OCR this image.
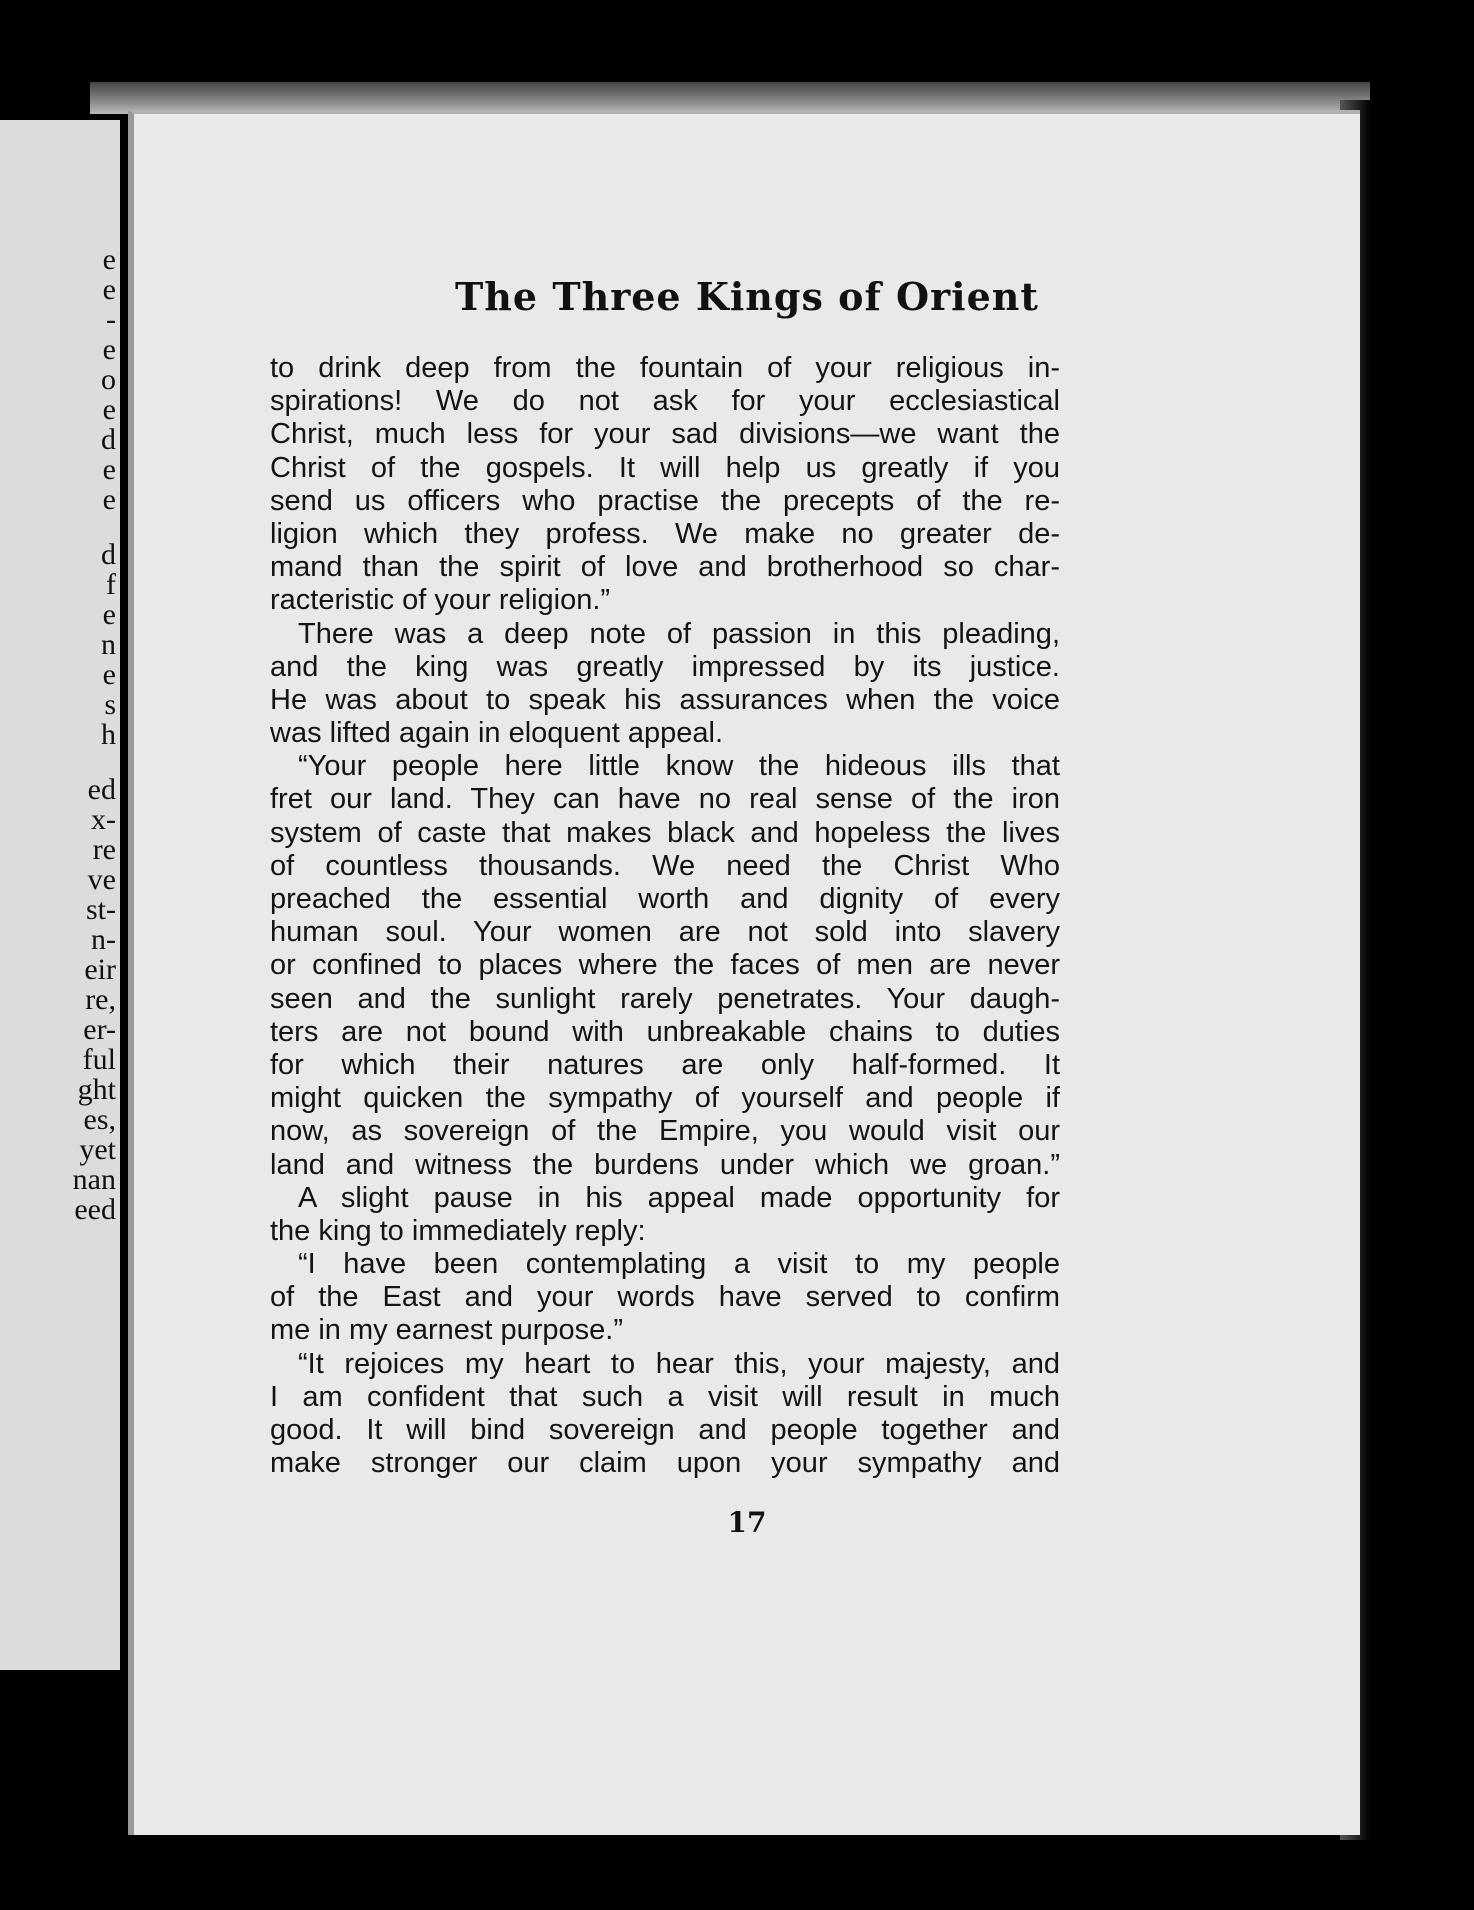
e
e
-
e
o
e
d
e
e
d
f
e
n
e
s
h
ed
x-
re
ve
st-
n-
eir
re,
er-
ful
ght
es,
yet
nan
eed
The Three Kings of Orient
to drink deep from the fountain of your religious in-
spirations! We do not ask for your ecclesiastical
Christ, much less for your sad divisions—we want the
Christ of the gospels. It will help us greatly if you
send us officers who practise the precepts of the re-
ligion which they profess. We make no greater de-
mand than the spirit of love and brotherhood so char-
racteristic of your religion.”
There was a deep note of passion in this pleading,
and the king was greatly impressed by its justice.
He was about to speak his assurances when the voice
was lifted again in eloquent appeal.
“Your people here little know the hideous ills that
fret our land. They can have no real sense of the iron
system of caste that makes black and hopeless the lives
of countless thousands. We need the Christ Who
preached the essential worth and dignity of every
human soul. Your women are not sold into slavery
or confined to places where the faces of men are never
seen and the sunlight rarely penetrates. Your daugh-
ters are not bound with unbreakable chains to duties
for which their natures are only half-formed. It
might quicken the sympathy of yourself and people if
now, as sovereign of the Empire, you would visit our
land and witness the burdens under which we groan.”
A slight pause in his appeal made opportunity for
the king to immediately reply:
“I have been contemplating a visit to my people
of the East and your words have served to confirm
me in my earnest purpose.”
“It rejoices my heart to hear this, your majesty, and
I am confident that such a visit will result in much
good. It will bind sovereign and people together and
make stronger our claim upon your sympathy and
17
